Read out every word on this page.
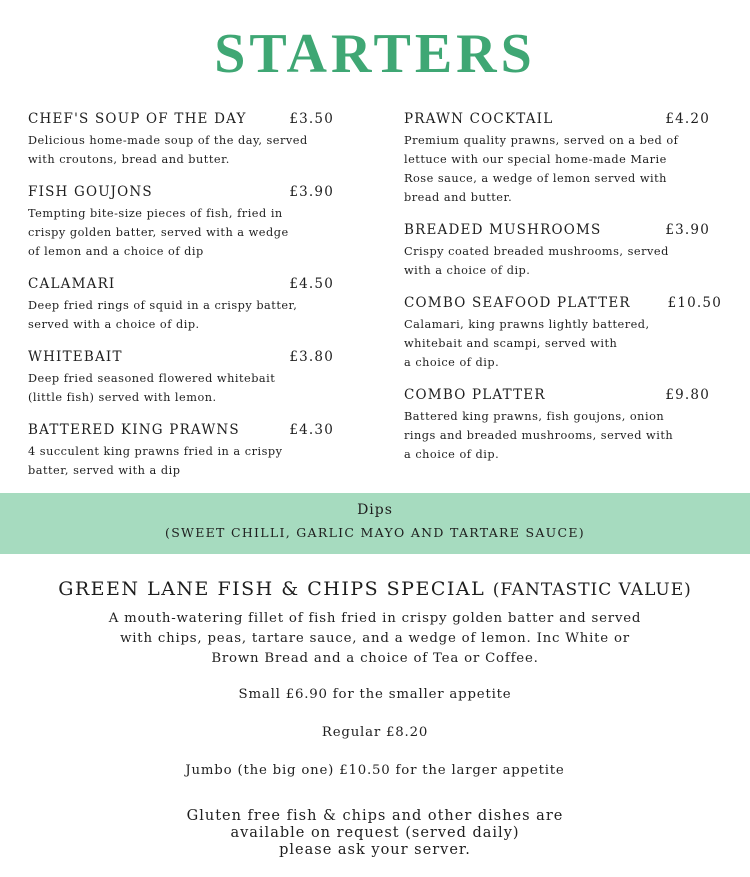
STARTERS
CHEF'S SOUP OF THE DAY	£3.50
Delicious home-made soup of the day, served
with croutons, bread and butter.
FISH GOUJONS	£3.90
Tempting bite-size pieces of fish, fried in
crispy golden batter, served with a wedge
of lemon and a choice of dip
CALAMARI	£4.50
Deep fried rings of squid in a crispy batter,
served with a choice of dip.
WHITEBAIT	£3.80
Deep fried seasoned flowered whitebait
(little fish) served with lemon.
BATTERED KING PRAWNS	£4.30
4 succulent king prawns fried in a crispy
batter, served with a dip
PRAWN COCKTAIL	£4.20
Premium quality prawns, served on a bed of
lettuce with our special home-made Marie
Rose sauce, a wedge of lemon served with
bread and butter.
BREADED MUSHROOMS	£3.90
Crispy coated breaded mushrooms, served
with a choice of dip.
COMBO SEAFOOD PLATTER	£10.50
Calamari, king prawns lightly battered,
whitebait and scampi, served with
a choice of dip.
COMBO PLATTER	£9.80
Battered king prawns, fish goujons, onion
rings and breaded mushrooms, served with
a choice of dip.
Dips
(SWEET CHILLI, GARLIC MAYO AND TARTARE SAUCE)
GREEN LANE FISH & CHIPS SPECIAL (FANTASTIC VALUE)
A mouth-watering fillet of fish fried in crispy golden batter and served
with chips, peas, tartare sauce, and a wedge of lemon. Inc White or
Brown Bread and a choice of Tea or Coffee.
Small £6.90 for the smaller appetite
Regular £8.20
Jumbo (the big one) £10.50 for the larger appetite
Gluten free fish & chips and other dishes are
available on request (served daily)
please ask your server.
